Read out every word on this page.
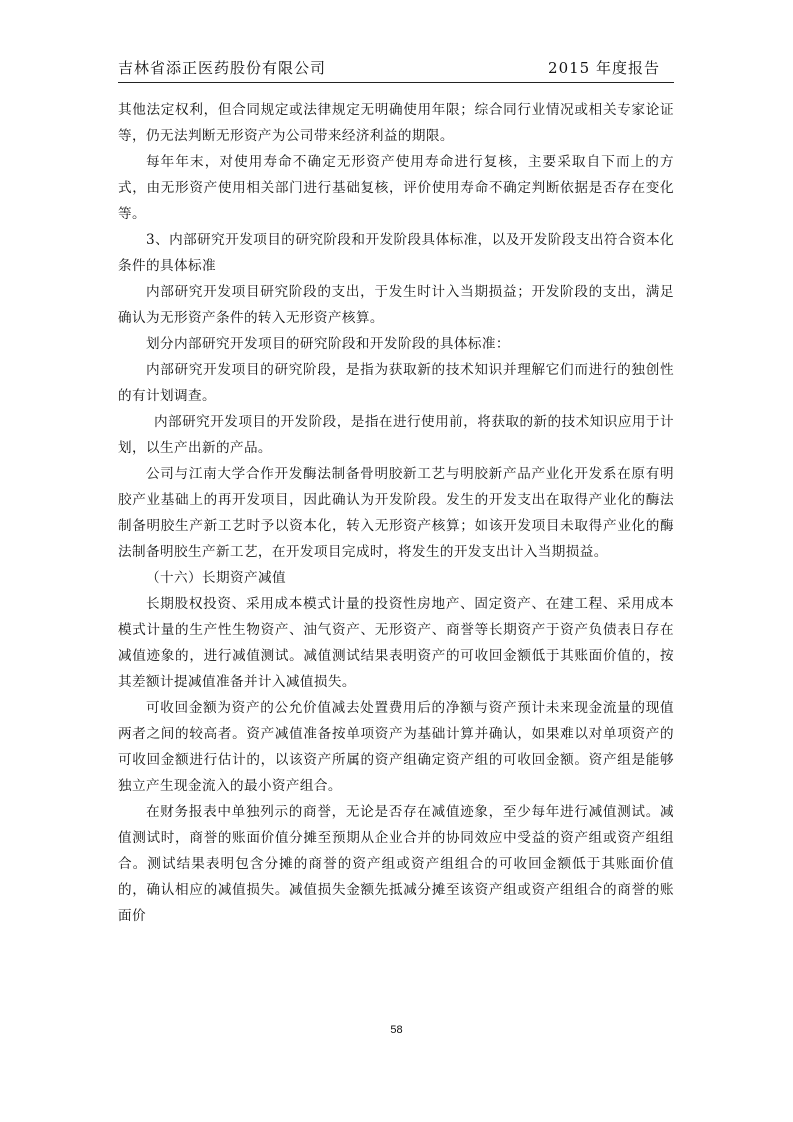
吉林省添正医药股份有限公司	2015 年度报告

其他法定权利，但合同规定或法律规定无明确使用年限；综合同行业情况或相关专家论证等，仍无法判断无形资产为公司带来经济利益的期限。

每年年末，对使用寿命不确定无形资产使用寿命进行复核，主要采取自下而上的方式，由无形资产使用相关部门进行基础复核，评价使用寿命不确定判断依据是否存在变化等。

3、内部研究开发项目的研究阶段和开发阶段具体标准，以及开发阶段支出符合资本化条件的具体标准

内部研究开发项目研究阶段的支出，于发生时计入当期损益；开发阶段的支出，满足确认为无形资产条件的转入无形资产核算。

划分内部研究开发项目的研究阶段和开发阶段的具体标准：

内部研究开发项目的研究阶段，是指为获取新的技术知识并理解它们而进行的独创性的有计划调查。

内部研究开发项目的开发阶段，是指在进行使用前，将获取的新的技术知识应用于计划，以生产出新的产品。

公司与江南大学合作开发酶法制备骨明胶新工艺与明胶新产品产业化开发系在原有明胶产业基础上的再开发项目，因此确认为开发阶段。发生的开发支出在取得产业化的酶法制备明胶生产新工艺时予以资本化，转入无形资产核算；如该开发项目未取得产业化的酶法制备明胶生产新工艺，在开发项目完成时，将发生的开发支出计入当期损益。

（十六）长期资产减值

长期股权投资、采用成本模式计量的投资性房地产、固定资产、在建工程、采用成本模式计量的生产性生物资产、油气资产、无形资产、商誉等长期资产于资产负债表日存在减值迹象的，进行减值测试。减值测试结果表明资产的可收回金额低于其账面价值的，按其差额计提减值准备并计入减值损失。

可收回金额为资产的公允价值减去处置费用后的净额与资产预计未来现金流量的现值两者之间的较高者。资产减值准备按单项资产为基础计算并确认，如果难以对单项资产的可收回金额进行估计的，以该资产所属的资产组确定资产组的可收回金额。资产组是能够独立产生现金流入的最小资产组合。

在财务报表中单独列示的商誉，无论是否存在减值迹象，至少每年进行减值测试。减值测试时，商誉的账面价值分摊至预期从企业合并的协同效应中受益的资产组或资产组组合。测试结果表明包含分摊的商誉的资产组或资产组组合的可收回金额低于其账面价值的，确认相应的减值损失。减值损失金额先抵减分摊至该资产组或资产组组合的商誉的账面价

58
